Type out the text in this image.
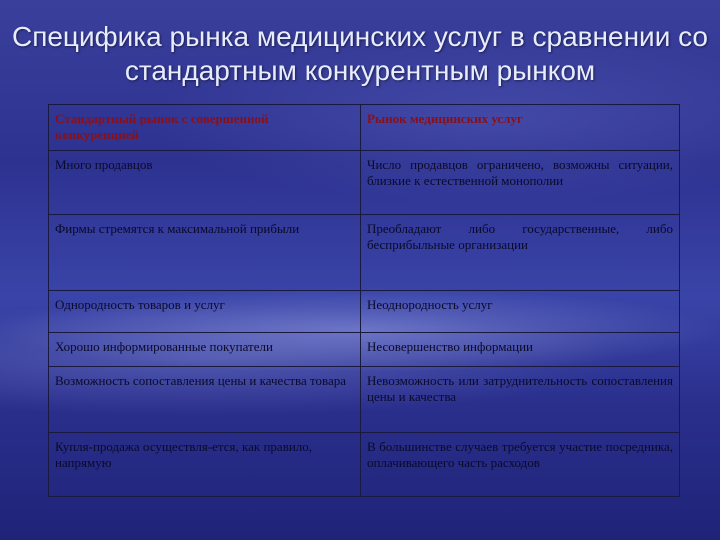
Специфика рынка медицинских услуг в сравнении со стандартным конкурентным рынком
Стандартный рынок с совершенной конкуренцией	Рынок медицинских услуг
Много продавцов	Число продавцов ограничено, возможны ситуации, близкие к естественной монополии
Фирмы стремятся к максимальной прибыли	Преобладают либо государственные, либо бесприбыльные организации
Однородность товаров и услуг	Неоднородность услуг
Хорошо информированные покупатели	Несовершенство информации
Возможность сопоставления цены и качества товара	Невозможность или затруднительность сопоставления цены и качества
Купля-продажа осуществля-ется, как правило, напрямую	В большинстве случаев требуется участие посредника, оплачивающего часть расходов
